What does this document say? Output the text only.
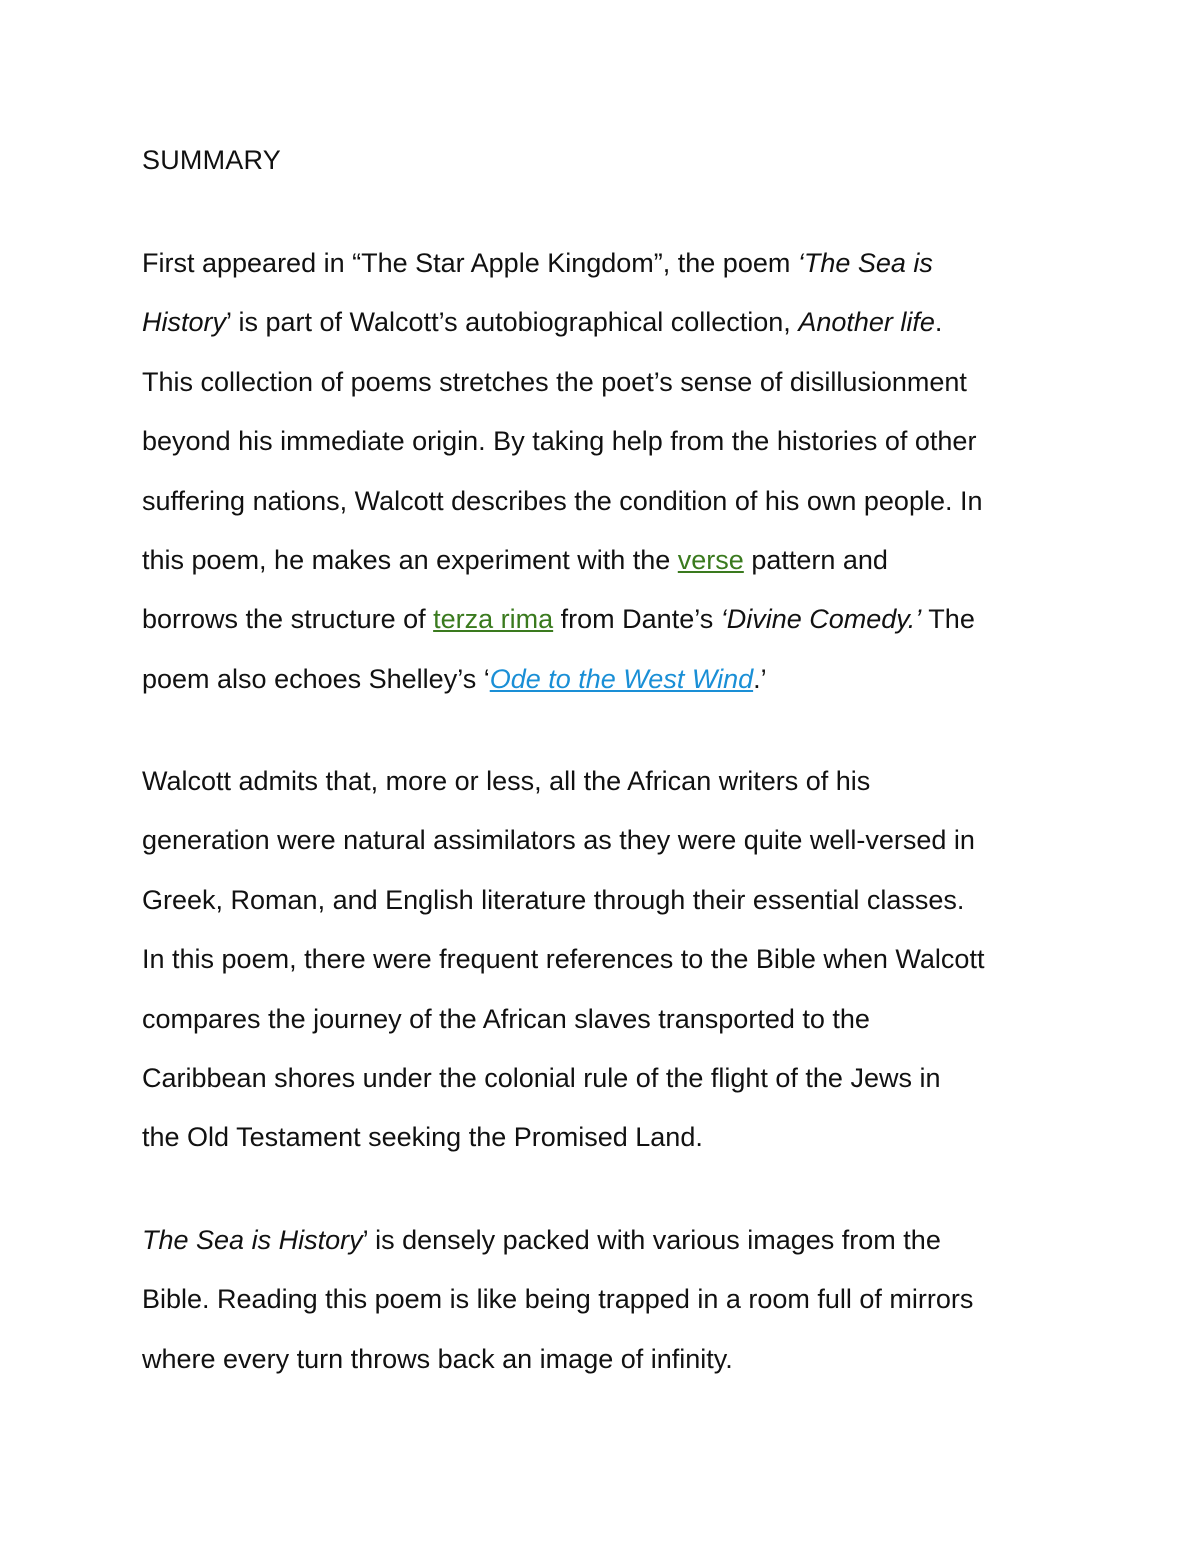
SUMMARY
First appeared in “The Star Apple Kingdom”, the poem ‘The Sea is
History’ is part of Walcott’s autobiographical collection, Another life.
This collection of poems stretches the poet’s sense of disillusionment
beyond his immediate origin. By taking help from the histories of other
suffering nations, Walcott describes the condition of his own people. In
this poem, he makes an experiment with the verse pattern and
borrows the structure of terza rima from Dante’s ‘Divine Comedy.’ The
poem also echoes Shelley’s ‘Ode to the West Wind.’
Walcott admits that, more or less, all the African writers of his
generation were natural assimilators as they were quite well-versed in
Greek, Roman, and English literature through their essential classes.
In this poem, there were frequent references to the Bible when Walcott
compares the journey of the African slaves transported to the
Caribbean shores under the colonial rule of the flight of the Jews in
the Old Testament seeking the Promised Land.
The Sea is History’ is densely packed with various images from the
Bible. Reading this poem is like being trapped in a room full of mirrors
where every turn throws back an image of infinity.
